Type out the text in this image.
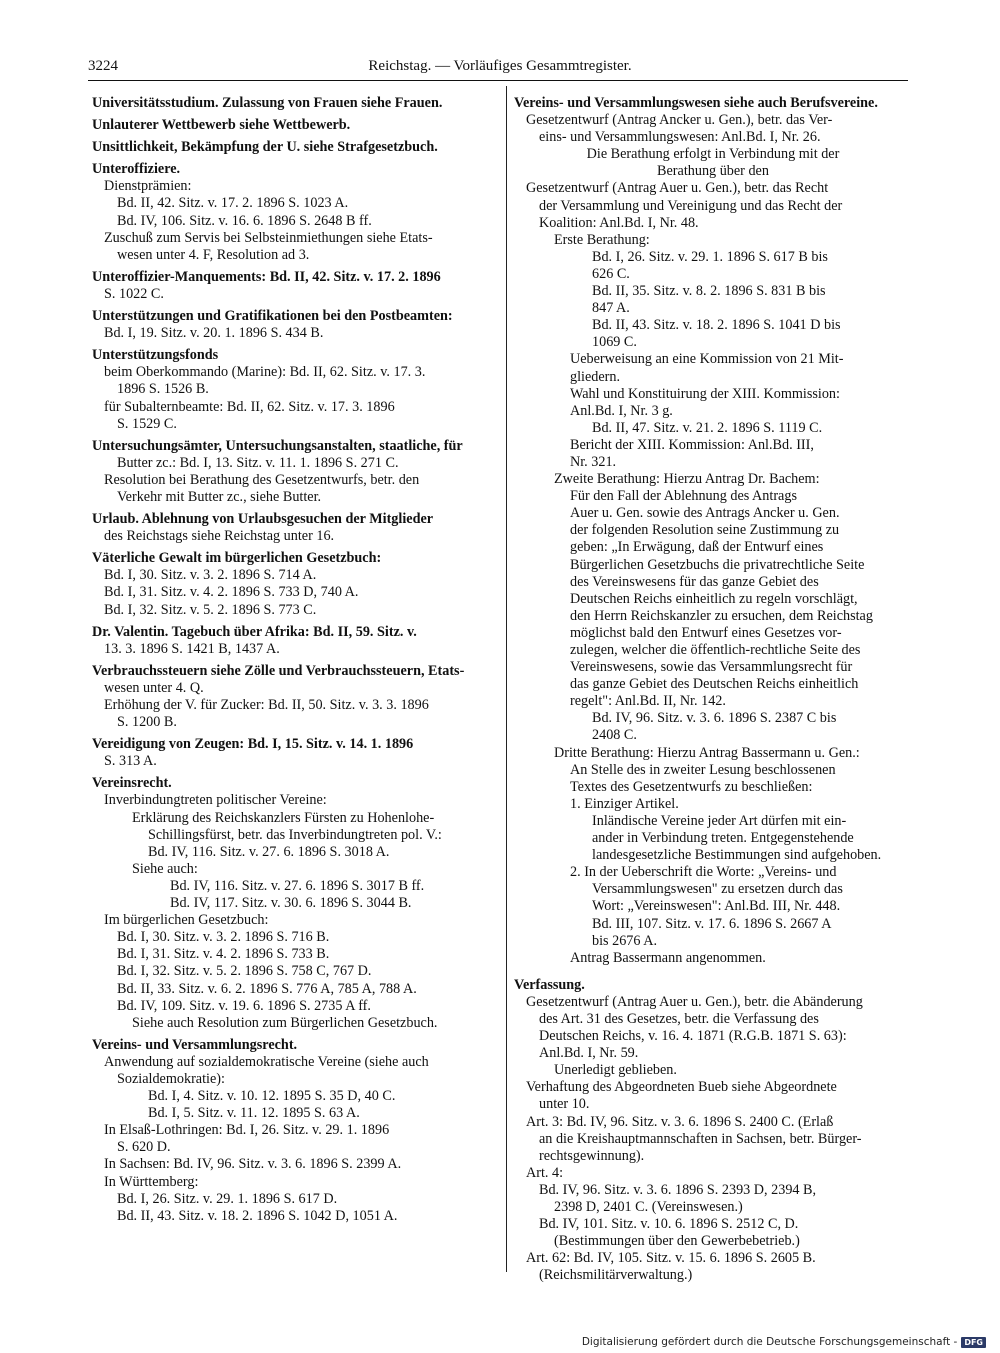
3224	Reichstag. — Vorläufiges Gesammtregister.
Universitätsstudium. Zulassung von Frauen siehe Frauen.
Unlauterer Wettbewerb siehe Wettbewerb.
Unsittlichkeit, Bekämpfung der U. siehe Strafgesetzbuch.
Unteroffiziere.
Dienstprämien:
Bd. II, 42. Sitz. v. 17. 2. 1896 S. 1023 A.
Bd. IV, 106. Sitz. v. 16. 6. 1896 S. 2648 B ff.
Zuschuß zum Servis bei Selbsteinmiethungen siehe Etats-
wesen unter 4. F, Resolution ad 3.
Unteroffizier-Manquements: Bd. II, 42. Sitz. v. 17. 2. 1896
S. 1022 C.
Unterstützungen und Gratifikationen bei den Postbeamten:
Bd. I, 19. Sitz. v. 20. 1. 1896 S. 434 B.
Unterstützungsfonds
beim Oberkommando (Marine): Bd. II, 62. Sitz. v. 17. 3.
1896 S. 1526 B.
für Subalternbeamte: Bd. II, 62. Sitz. v. 17. 3. 1896
S. 1529 C.
Untersuchungsämter, Untersuchungsanstalten, staatliche, für
Butter zc.: Bd. I, 13. Sitz. v. 11. 1. 1896 S. 271 C.
Resolution bei Berathung des Gesetzentwurfs, betr. den
Verkehr mit Butter zc., siehe Butter.
Urlaub. Ablehnung von Urlaubsgesuchen der Mitglieder
des Reichstags siehe Reichstag unter 16.
Väterliche Gewalt im bürgerlichen Gesetzbuch:
Bd. I, 30. Sitz. v. 3. 2. 1896 S. 714 A.
Bd. I, 31. Sitz. v. 4. 2. 1896 S. 733 D, 740 A.
Bd. I, 32. Sitz. v. 5. 2. 1896 S. 773 C.
Dr. Valentin. Tagebuch über Afrika: Bd. II, 59. Sitz. v.
13. 3. 1896 S. 1421 B, 1437 A.
Verbrauchssteuern siehe Zölle und Verbrauchssteuern, Etats-
wesen unter 4. Q.
Erhöhung der V. für Zucker: Bd. II, 50. Sitz. v. 3. 3. 1896
S. 1200 B.
Vereidigung von Zeugen: Bd. I, 15. Sitz. v. 14. 1. 1896
S. 313 A.
Vereinsrecht.
Inverbindungtreten politischer Vereine:
Erklärung des Reichskanzlers Fürsten zu Hohenlohe-
Schillingsfürst, betr. das Inverbindungtreten pol. V.:
Bd. IV, 116. Sitz. v. 27. 6. 1896 S. 3018 A.
Siehe auch:
Bd. IV, 116. Sitz. v. 27. 6. 1896 S. 3017 B ff.
Bd. IV, 117. Sitz. v. 30. 6. 1896 S. 3044 B.
Im bürgerlichen Gesetzbuch:
Bd. I, 30. Sitz. v. 3. 2. 1896 S. 716 B.
Bd. I, 31. Sitz. v. 4. 2. 1896 S. 733 B.
Bd. I, 32. Sitz. v. 5. 2. 1896 S. 758 C, 767 D.
Bd. II, 33. Sitz. v. 6. 2. 1896 S. 776 A, 785 A, 788 A.
Bd. IV, 109. Sitz. v. 19. 6. 1896 S. 2735 A ff.
Siehe auch Resolution zum Bürgerlichen Gesetzbuch.
Vereins- und Versammlungsrecht.
Anwendung auf sozialdemokratische Vereine (siehe auch
Sozialdemokratie):
Bd. I, 4. Sitz. v. 10. 12. 1895 S. 35 D, 40 C.
Bd. I, 5. Sitz. v. 11. 12. 1895 S. 63 A.
In Elsaß-Lothringen: Bd. I, 26. Sitz. v. 29. 1. 1896
S. 620 D.
In Sachsen: Bd. IV, 96. Sitz. v. 3. 6. 1896 S. 2399 A.
In Württemberg:
Bd. I, 26. Sitz. v. 29. 1. 1896 S. 617 D.
Bd. II, 43. Sitz. v. 18. 2. 1896 S. 1042 D, 1051 A.
Vereins- und Versammlungswesen siehe auch Berufsvereine.
Gesetzentwurf (Antrag Ancker u. Gen.), betr. das Ver-
eins- und Versammlungswesen: Anl.Bd. I, Nr. 26.
Die Berathung erfolgt in Verbindung mit der
Berathung über den
Gesetzentwurf (Antrag Auer u. Gen.), betr. das Recht
der Versammlung und Vereinigung und das Recht der
Koalition: Anl.Bd. I, Nr. 48.
Erste Berathung:
Bd. I, 26. Sitz. v. 29. 1. 1896 S. 617 B bis
626 C.
Bd. II, 35. Sitz. v. 8. 2. 1896 S. 831 B bis
847 A.
Bd. II, 43. Sitz. v. 18. 2. 1896 S. 1041 D bis
1069 C.
Ueberweisung an eine Kommission von 21 Mit-
gliedern.
Wahl und Konstituirung der XIII. Kommission:
Anl.Bd. I, Nr. 3 g.
Bd. II, 47. Sitz. v. 21. 2. 1896 S. 1119 C.
Bericht der XIII. Kommission: Anl.Bd. III,
Nr. 321.
Zweite Berathung: Hierzu Antrag Dr. Bachem:
Für den Fall der Ablehnung des Antrags
Auer u. Gen. sowie des Antrags Ancker u. Gen.
der folgenden Resolution seine Zustimmung zu
geben: „In Erwägung, daß der Entwurf eines
Bürgerlichen Gesetzbuchs die privatrechtliche Seite
des Vereinswesens für das ganze Gebiet des
Deutschen Reichs einheitlich zu regeln vorschlägt,
den Herrn Reichskanzler zu ersuchen, dem Reichstag
möglichst bald den Entwurf eines Gesetzes vor-
zulegen, welcher die öffentlich-rechtliche Seite des
Vereinswesens, sowie das Versammlungsrecht für
das ganze Gebiet des Deutschen Reichs einheitlich
regelt": Anl.Bd. II, Nr. 142.
Bd. IV, 96. Sitz. v. 3. 6. 1896 S. 2387 C bis
2408 C.
Dritte Berathung: Hierzu Antrag Bassermann u. Gen.:
An Stelle des in zweiter Lesung beschlossenen
Textes des Gesetzentwurfs zu beschließen:
1. Einziger Artikel.
Inländische Vereine jeder Art dürfen mit ein-
ander in Verbindung treten. Entgegenstehende
landesgesetzliche Bestimmungen sind aufgehoben.
2. In der Ueberschrift die Worte: „Vereins- und
Versammlungswesen" zu ersetzen durch das
Wort: „Vereinswesen": Anl.Bd. III, Nr. 448.
Bd. III, 107. Sitz. v. 17. 6. 1896 S. 2667 A
bis 2676 A.
Antrag Bassermann angenommen.
Verfassung.
Gesetzentwurf (Antrag Auer u. Gen.), betr. die Abänderung
des Art. 31 des Gesetzes, betr. die Verfassung des
Deutschen Reichs, v. 16. 4. 1871 (R.G.B. 1871 S. 63):
Anl.Bd. I, Nr. 59.
Unerledigt geblieben.
Verhaftung des Abgeordneten Bueb siehe Abgeordnete
unter 10.
Art. 3: Bd. IV, 96. Sitz. v. 3. 6. 1896 S. 2400 C. (Erlaß
an die Kreishauptmannschaften in Sachsen, betr. Bürger-
rechtsgewinnung).
Art. 4:
Bd. IV, 96. Sitz. v. 3. 6. 1896 S. 2393 D, 2394 B,
2398 D, 2401 C. (Vereinswesen.)
Bd. IV, 101. Sitz. v. 10. 6. 1896 S. 2512 C, D.
(Bestimmungen über den Gewerbebetrieb.)
Art. 62: Bd. IV, 105. Sitz. v. 15. 6. 1896 S. 2605 B.
(Reichsmilitärverwaltung.)
Digitalisierung gefördert durch die Deutsche Forschungsgemeinschaft - DFG
